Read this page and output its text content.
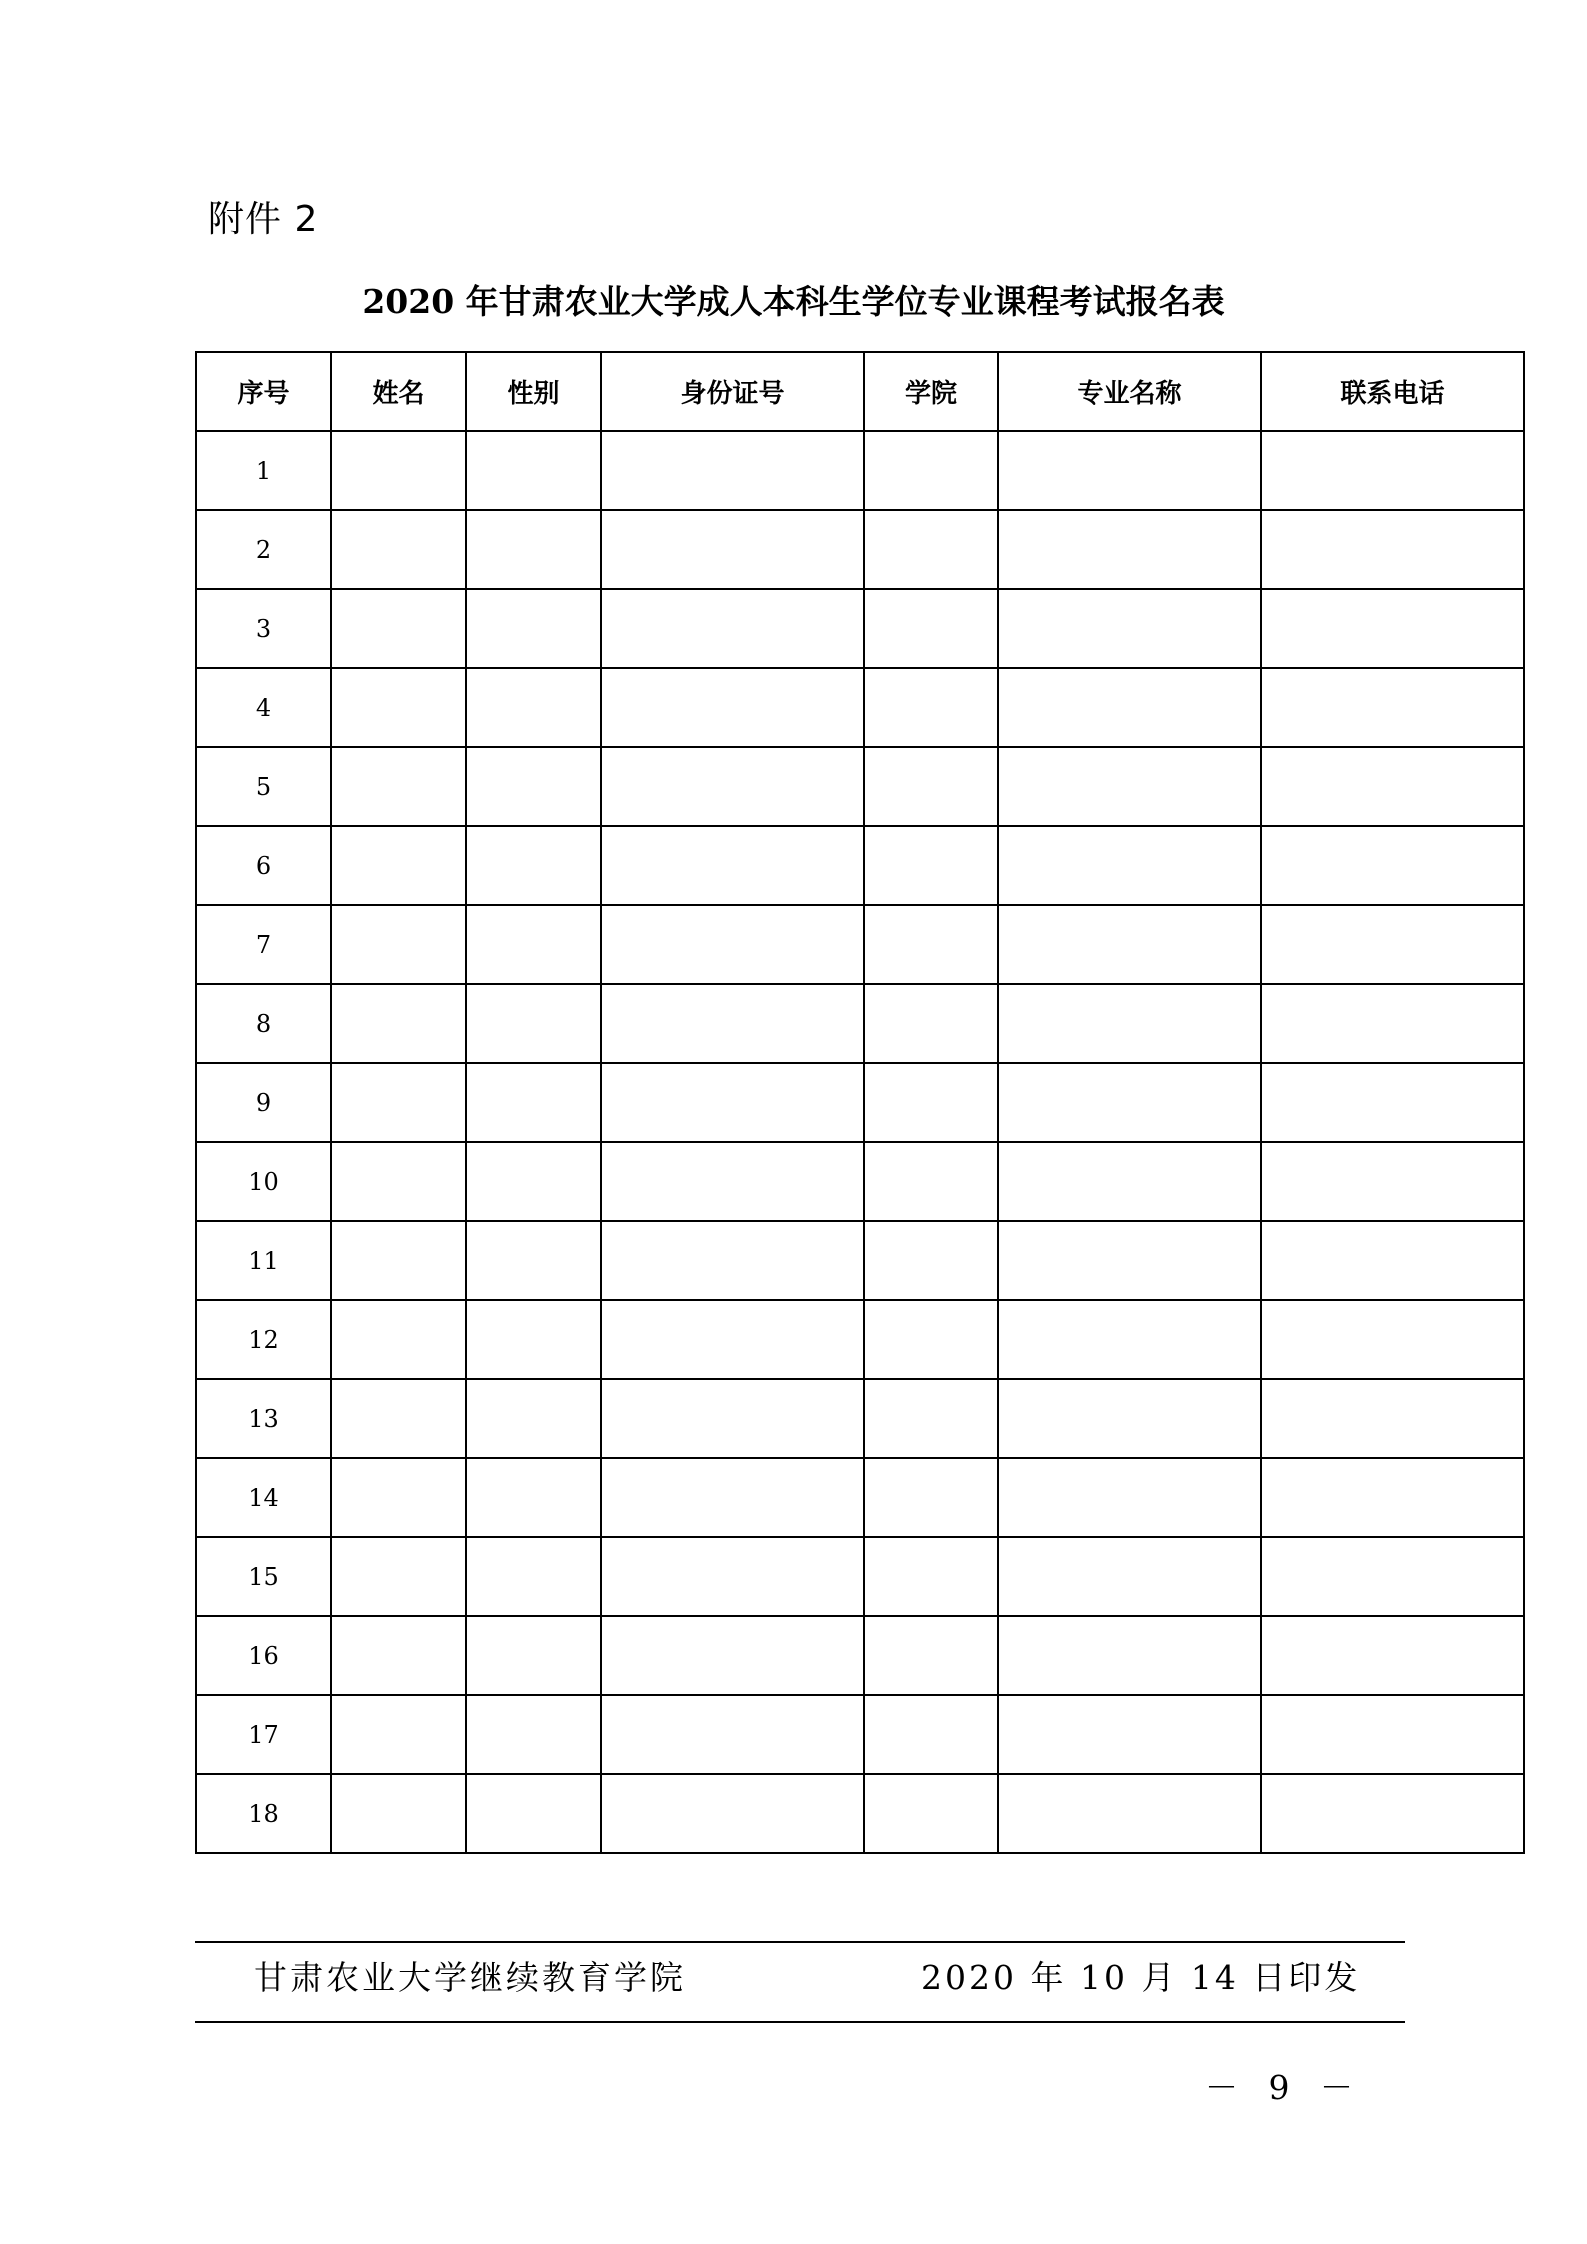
附件 2
2020 年甘肃农业大学成人本科生学位专业课程考试报名表
序号	姓名	性别	身份证号	学院	专业名称	联系电话
1						
2						
3						
4						
5						
6						
7						
8						
9						
10						
11						
12						
13						
14						
15						
16						
17						
18						
甘肃农业大学继续教育学院	2020 年 10 月 14 日印发
－ 9 －
